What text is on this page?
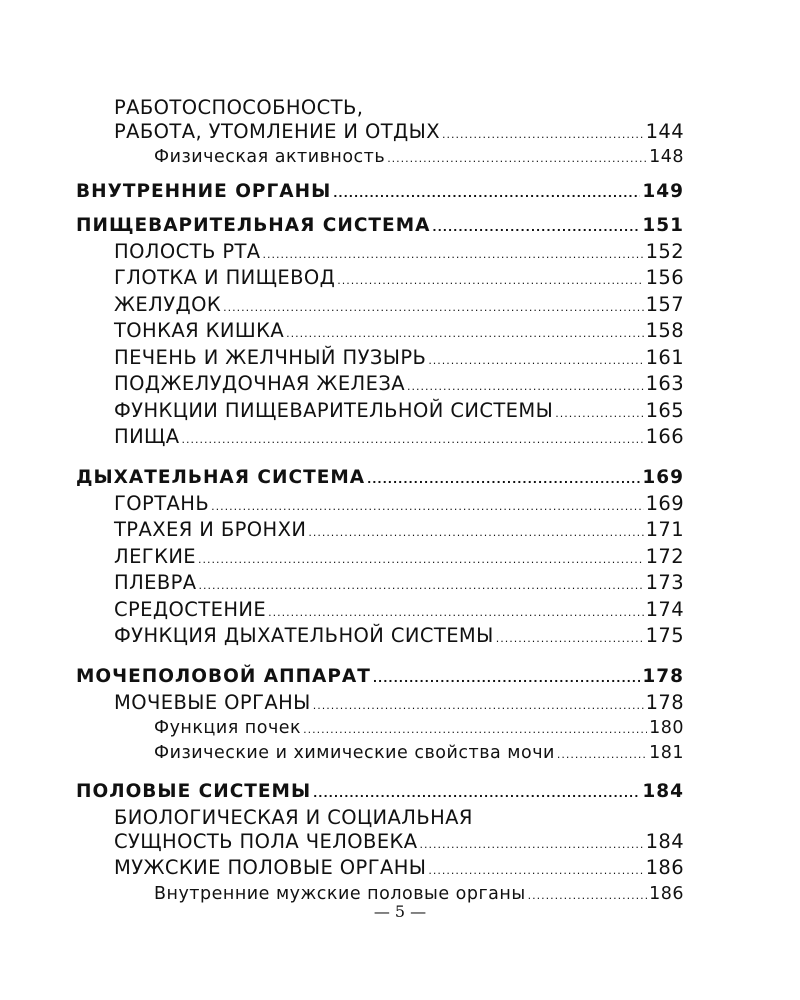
РАБОТОСПОСОБНОСТЬ,
РАБОТА, УТОМЛЕНИЕ И ОТДЫХ .....	144
Физическая активность .....	148
ВНУТРЕННИЕ ОРГАНЫ .....	149
ПИЩЕВАРИТЕЛЬНАЯ СИСТЕМА .....	151
ПОЛОСТЬ РТА .....	152
ГЛОТКА И ПИЩЕВОД .....	156
ЖЕЛУДОК .....	157
ТОНКАЯ КИШКА .....	158
ПЕЧЕНЬ И ЖЕЛЧНЫЙ ПУЗЫРЬ .....	161
ПОДЖЕЛУДОЧНАЯ ЖЕЛЕЗА .....	163
ФУНКЦИИ ПИЩЕВАРИТЕЛЬНОЙ СИСТЕМЫ .....	165
ПИЩА .....	166
ДЫХАТЕЛЬНАЯ СИСТЕМА .....	169
ГОРТАНЬ .....	169
ТРАХЕЯ И БРОНХИ .....	171
ЛЕГКИЕ .....	172
ПЛЕВРА .....	173
СРЕДОСТЕНИЕ .....	174
ФУНКЦИЯ ДЫХАТЕЛЬНОЙ СИСТЕМЫ .....	175
МОЧЕПОЛОВОЙ АППАРАТ .....	178
МОЧЕВЫЕ ОРГАНЫ .....	178
Функция почек .....	180
Физические и химические свойства мочи .....	181
ПОЛОВЫЕ СИСТЕМЫ .....	184
БИОЛОГИЧЕСКАЯ И СОЦИАЛЬНАЯ
СУЩНОСТЬ ПОЛА ЧЕЛОВЕКА .....	184
МУЖСКИЕ ПОЛОВЫЕ ОРГАНЫ .....	186
Внутренние мужские половые органы .....	186
— 5 —
